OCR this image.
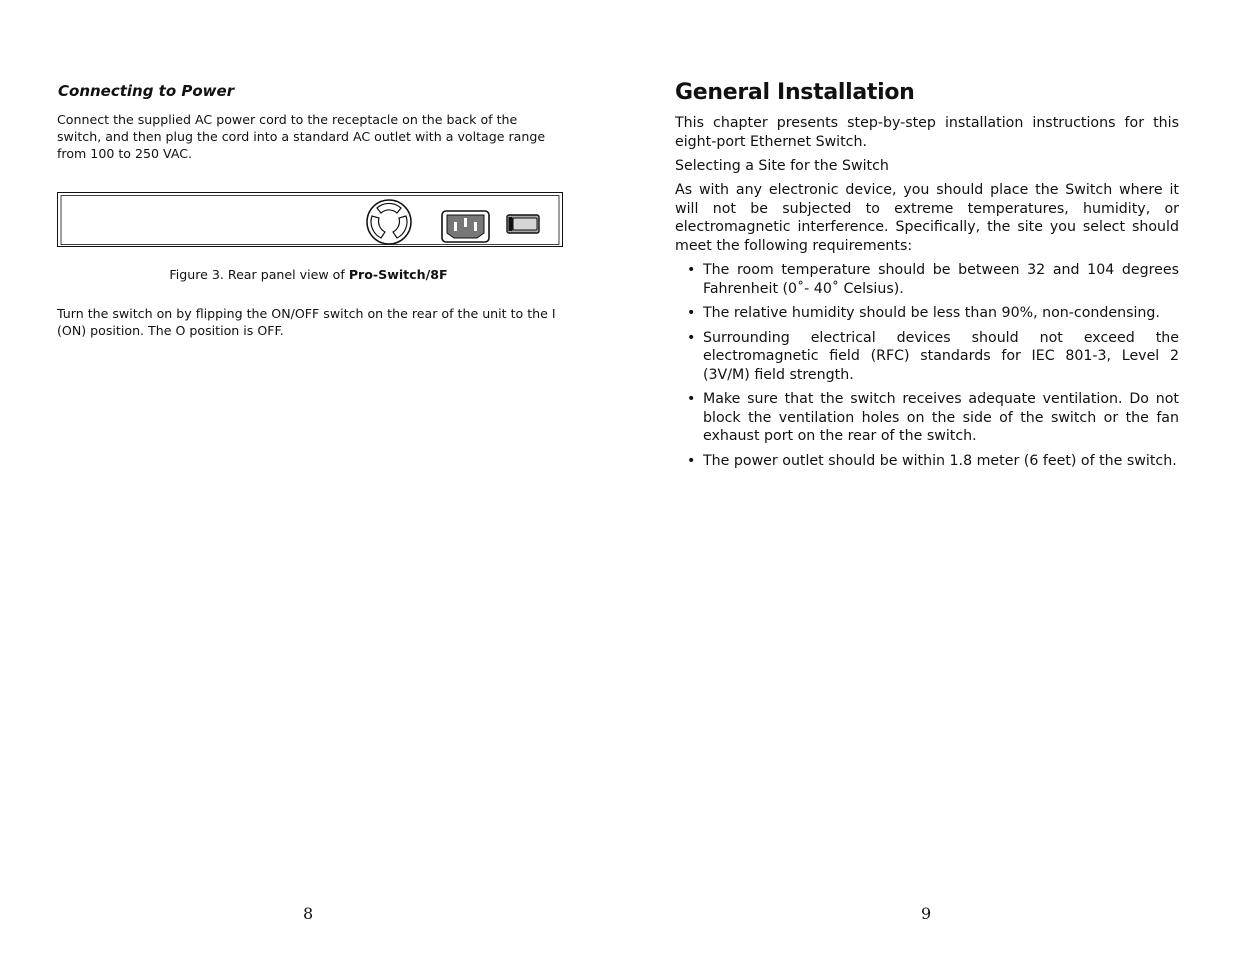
Connecting to Power

Connect the supplied AC power cord to the receptacle on the back of the switch, and then plug the cord into a standard AC outlet with a voltage range from 100 to 250 VAC.

Figure 3. Rear panel view of Pro-Switch/8F

Turn the switch on by flipping the ON/OFF switch on the rear of the unit to the I (ON) position. The O position is OFF.

8
General Installation

This chapter presents step-by-step installation instructions for this eight-port Ethernet Switch.

Selecting a Site for the Switch

As with any electronic device, you should place the Switch where it will not be subjected to extreme temperatures, humidity, or electromagnetic interference. Specifically, the site you select should meet the following requirements:

• The room temperature should be between 32 and 104 degrees Fahrenheit (0˚- 40˚ Celsius).
• The relative humidity should be less than 90%, non-condensing.
• Surrounding electrical devices should not exceed the electromagnetic field (RFC) standards for IEC 801-3, Level 2 (3V/M) field strength.
• Make sure that the switch receives adequate ventilation. Do not block the ventilation holes on the side of the switch or the fan exhaust port on the rear of the switch.
• The power outlet should be within 1.8 meter (6 feet) of the switch.
9
